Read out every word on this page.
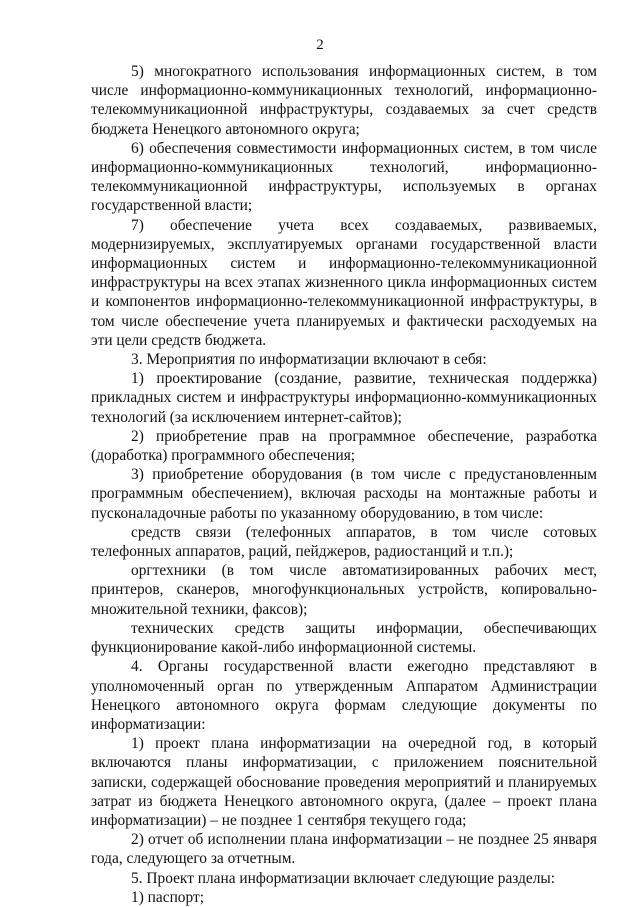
2

5) многократного использования информационных систем, в том числе информационно-коммуникационных технологий, информационно-телекоммуникационной инфраструктуры, создаваемых за счет средств бюджета Ненецкого автономного округа;

6) обеспечения совместимости информационных систем, в том числе информационно-коммуникационных технологий, информационно-телекоммуникационной инфраструктуры, используемых в органах государственной власти;

7) обеспечение учета всех создаваемых, развиваемых, модернизируемых, эксплуатируемых органами государственной власти информационных систем и информационно-телекоммуникационной инфраструктуры на всех этапах жизненного цикла информационных систем и компонентов информационно-телекоммуникационной инфраструктуры, в том числе обеспечение учета планируемых и фактически расходуемых на эти цели средств бюджета.

3. Мероприятия по информатизации включают в себя:

1) проектирование (создание, развитие, техническая поддержка) прикладных систем и инфраструктуры информационно-коммуникационных технологий (за исключением интернет-сайтов);

2) приобретение прав на программное обеспечение, разработка (доработка) программного обеспечения;

3) приобретение оборудования (в том числе с предустановленным программным обеспечением), включая расходы на монтажные работы и пусконаладочные работы по указанному оборудованию, в том числе:

средств связи (телефонных аппаратов, в том числе сотовых телефонных аппаратов, раций, пейджеров, радиостанций и т.п.);

оргтехники (в том числе автоматизированных рабочих мест, принтеров, сканеров, многофункциональных устройств, копировально-множительной техники, факсов);

технических средств защиты информации, обеспечивающих функционирование какой-либо информационной системы.

4. Органы государственной власти ежегодно представляют в уполномоченный орган по утвержденным Аппаратом Администрации Ненецкого автономного округа формам следующие документы по информатизации:

1) проект плана информатизации на очередной год, в который включаются планы информатизации, с приложением пояснительной записки, содержащей обоснование проведения мероприятий и планируемых затрат из бюджета Ненецкого автономного округа, (далее – проект плана информатизации) – не позднее 1 сентября текущего года;

2) отчет об исполнении плана информатизации – не позднее 25 января года, следующего за отчетным.

5. Проект плана информатизации включает следующие разделы:

1) паспорт;
